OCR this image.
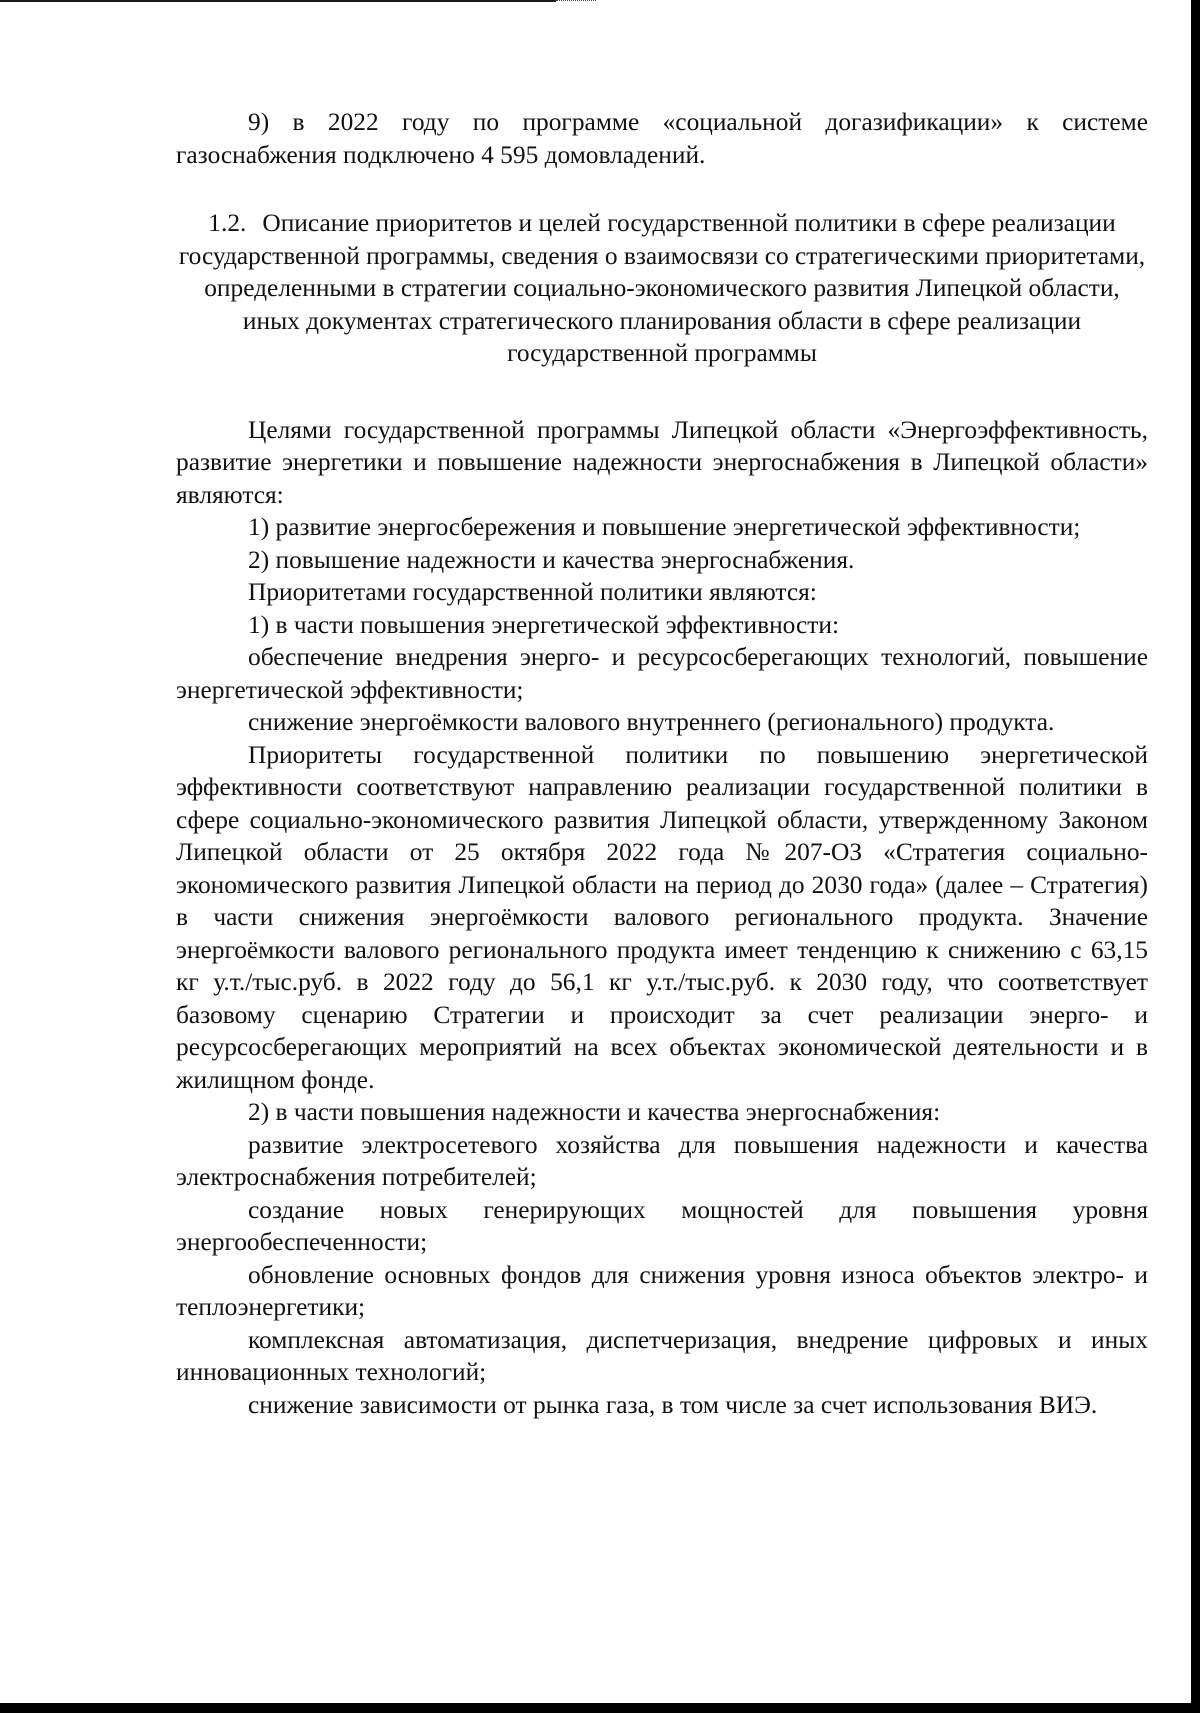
9) в 2022 году по программе «социальной догазификации» к системе газоснабжения подключено 4 595 домовладений.

1.2. Описание приоритетов и целей государственной политики в сфере реализации государственной программы, сведения о взаимосвязи со стратегическими приоритетами, определенными в стратегии социально-экономического развития Липецкой области, иных документах стратегического планирования области в сфере реализации государственной программы

Целями государственной программы Липецкой области «Энергоэффективность, развитие энергетики и повышение надежности энергоснабжения в Липецкой области» являются:

1) развитие энергосбережения и повышение энергетической эффективности;

2) повышение надежности и качества энергоснабжения.

Приоритетами государственной политики являются:

1) в части повышения энергетической эффективности:

обеспечение внедрения энерго- и ресурсосберегающих технологий, повышение энергетической эффективности;

снижение энергоёмкости валового внутреннего (регионального) продукта.

Приоритеты государственной политики по повышению энергетической эффективности соответствуют направлению реализации государственной политики в сфере социально-экономического развития Липецкой области, утвержденному Законом Липецкой области от 25 октября 2022 года №207-ОЗ «Стратегия социально-экономического развития Липецкой области на период до 2030 года» (далее – Стратегия) в части снижения энергоёмкости валового регионального продукта. Значение энергоёмкости валового регионального продукта имеет тенденцию к снижению с 63,15 кг у.т./тыс.руб. в 2022 году до 56,1 кг у.т./тыс.руб. к 2030 году, что соответствует базовому сценарию Стратегии и происходит за счет реализации энерго- и ресурсосберегающих мероприятий на всех объектах экономической деятельности и в жилищном фонде.

2) в части повышения надежности и качества энергоснабжения:

развитие электросетевого хозяйства для повышения надежности и качества электроснабжения потребителей;

создание новых генерирующих мощностей для повышения уровня энергообеспеченности;

обновление основных фондов для снижения уровня износа объектов электро- и теплоэнергетики;

комплексная автоматизация, диспетчеризация, внедрение цифровых и иных инновационных технологий;

снижение зависимости от рынка газа, в том числе за счет использования ВИЭ.
